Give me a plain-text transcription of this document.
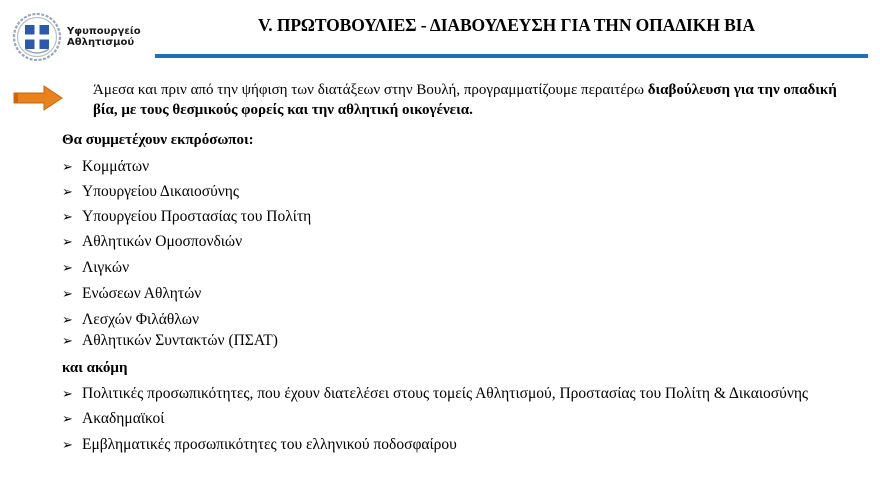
Υφυπουργείο
Αθλητισμού
V. ΠΡΩΤΟΒΟΥΛΙΕΣ - ΔΙΑΒΟΥΛΕΥΣΗ ΓΙΑ ΤΗΝ ΟΠΑΔΙΚΗ ΒΙΑ
Άμεσα και πριν από την ψήφιση των διατάξεων στην Βουλή, προγραμματίζουμε περαιτέρω διαβούλευση για την οπαδική βία, με τους θεσμικούς φορείς και την αθλητική οικογένεια.
Θα συμμετέχουν εκπρόσωποι:
➢ Κομμάτων
➢ Υπουργείου Δικαιοσύνης
➢ Υπουργείου Προστασίας του Πολίτη
➢ Αθλητικών Ομοσπονδιών
➢ Λιγκών
➢ Ενώσεων Αθλητών
➢ Λεσχών Φιλάθλων
➢ Αθλητικών Συντακτών (ΠΣΑΤ)
και ακόμη
➢ Πολιτικές προσωπικότητες, που έχουν διατελέσει στους τομείς Αθλητισμού, Προστασίας του Πολίτη & Δικαιοσύνης
➢ Ακαδημαϊκοί
➢ Εμβληματικές προσωπικότητες του ελληνικού ποδοσφαίρου
